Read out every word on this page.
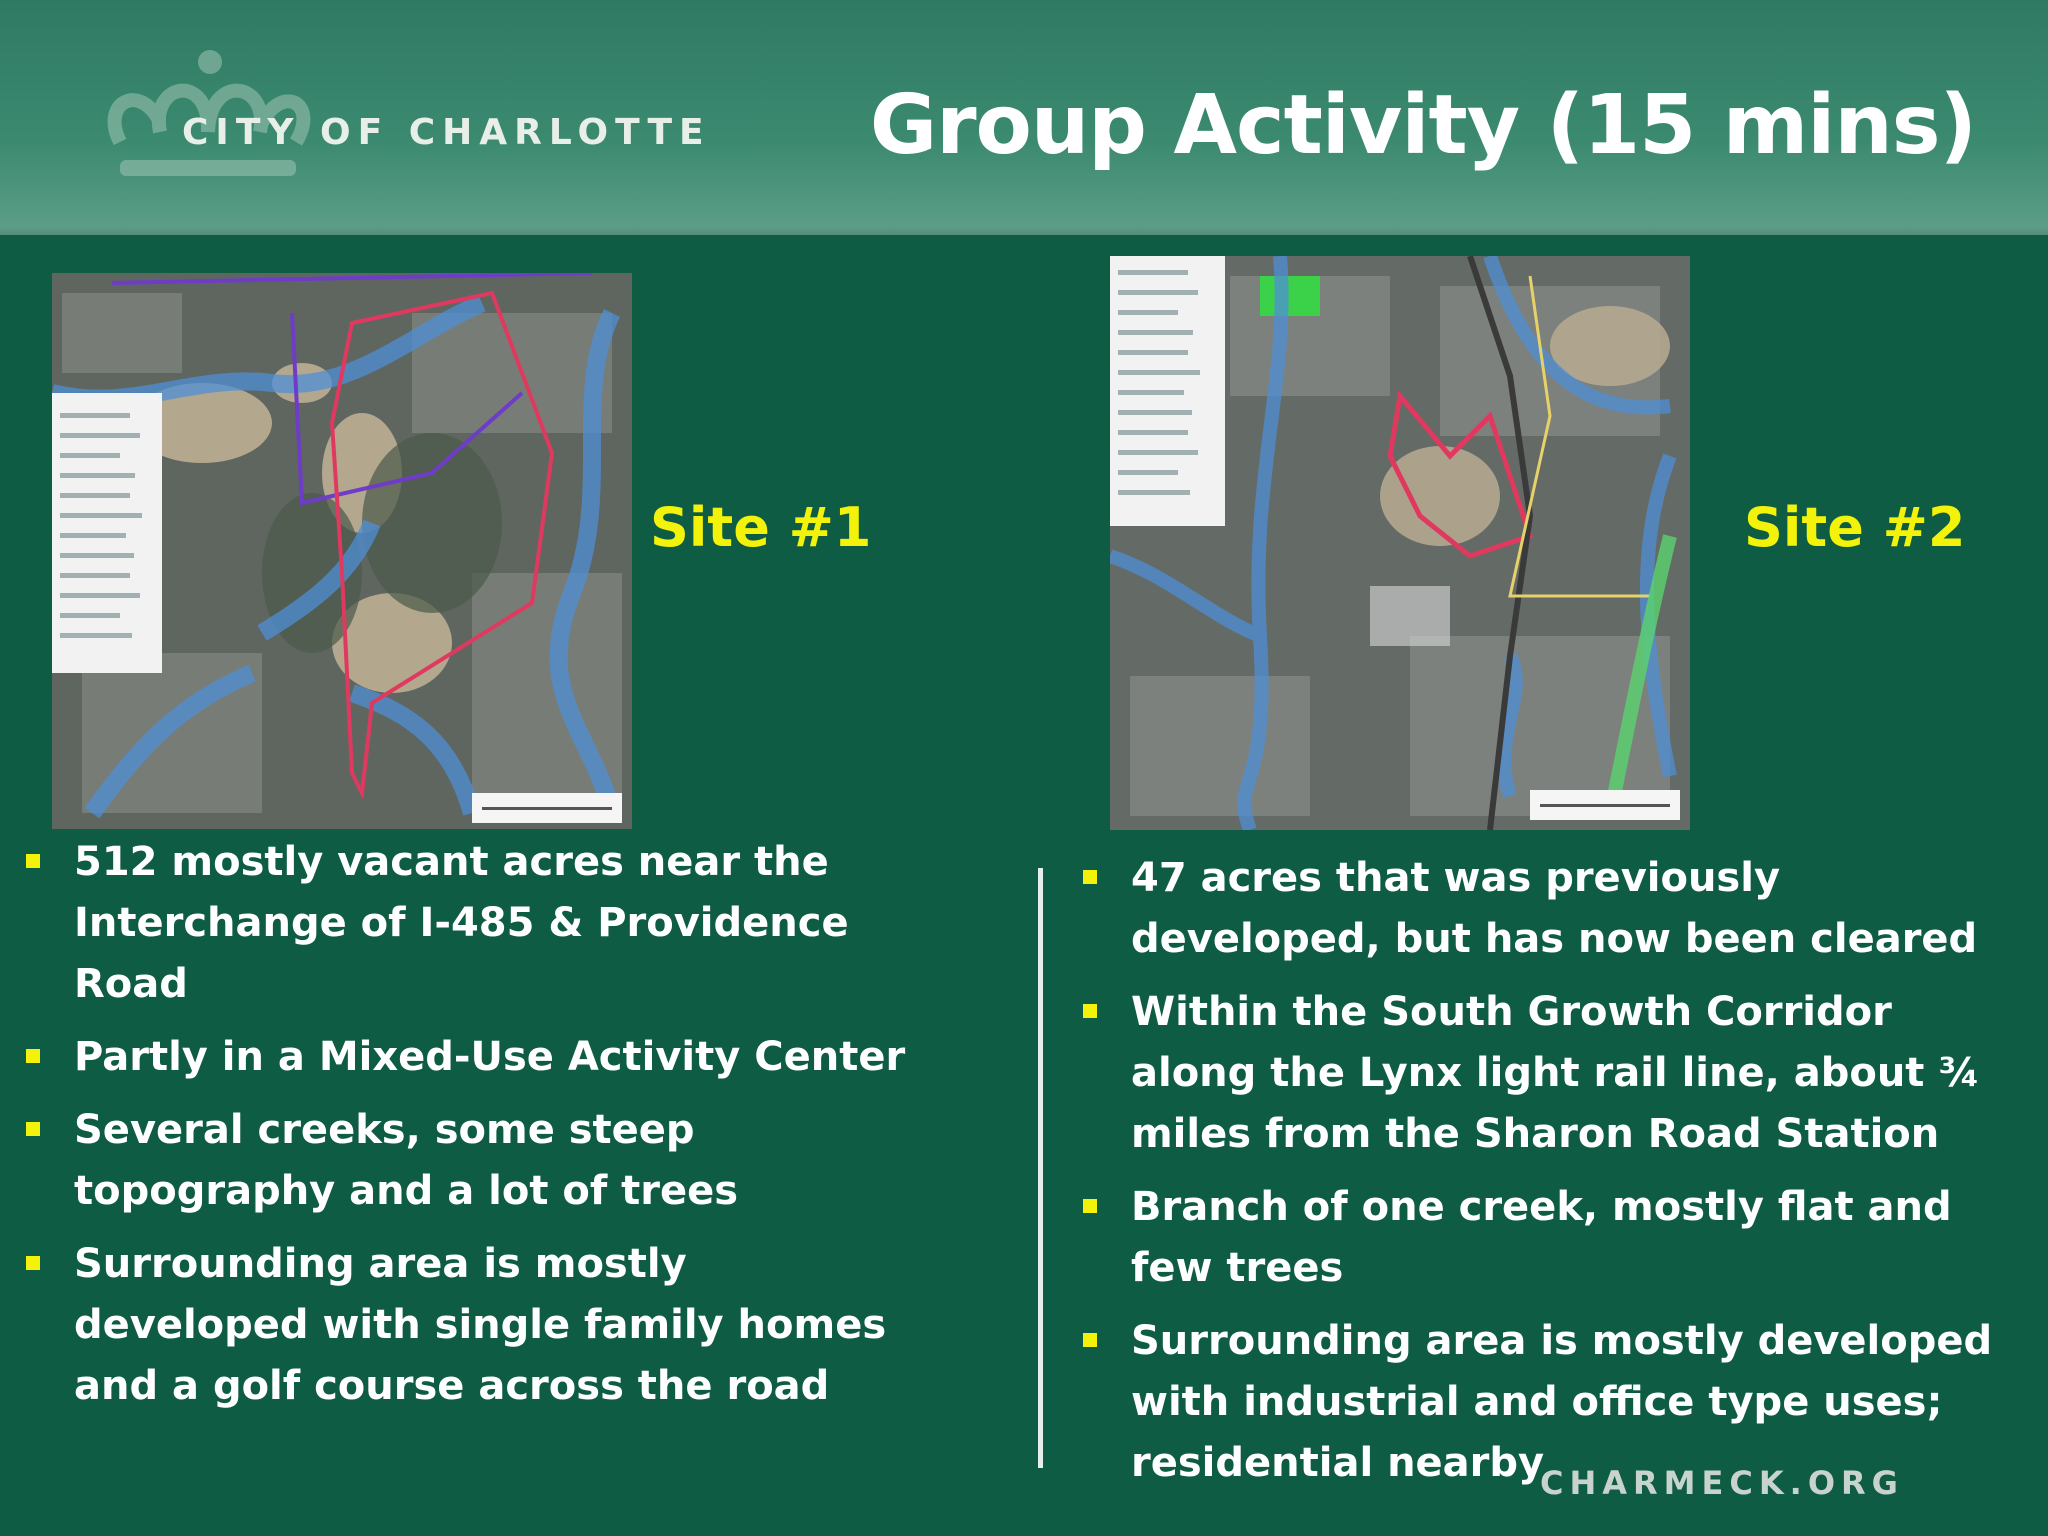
CITY OF CHARLOTTE Group Activity (15 mins)
Site #1	Site #2
512 mostly vacant acres near the Interchange of I-485 & Providence Road
Partly in a Mixed-Use Activity Center
Several creeks, some steep topography and a lot of trees
Surrounding area is mostly developed with single family homes and a golf course across the road
47 acres that was previously developed, but has now been cleared
Within the South Growth Corridor along the Lynx light rail line, about ¾ miles from the Sharon Road Station
Branch of one creek, mostly flat and few trees
Surrounding area is mostly developed with industrial and office type uses; residential nearby
CHARMECK.ORG
